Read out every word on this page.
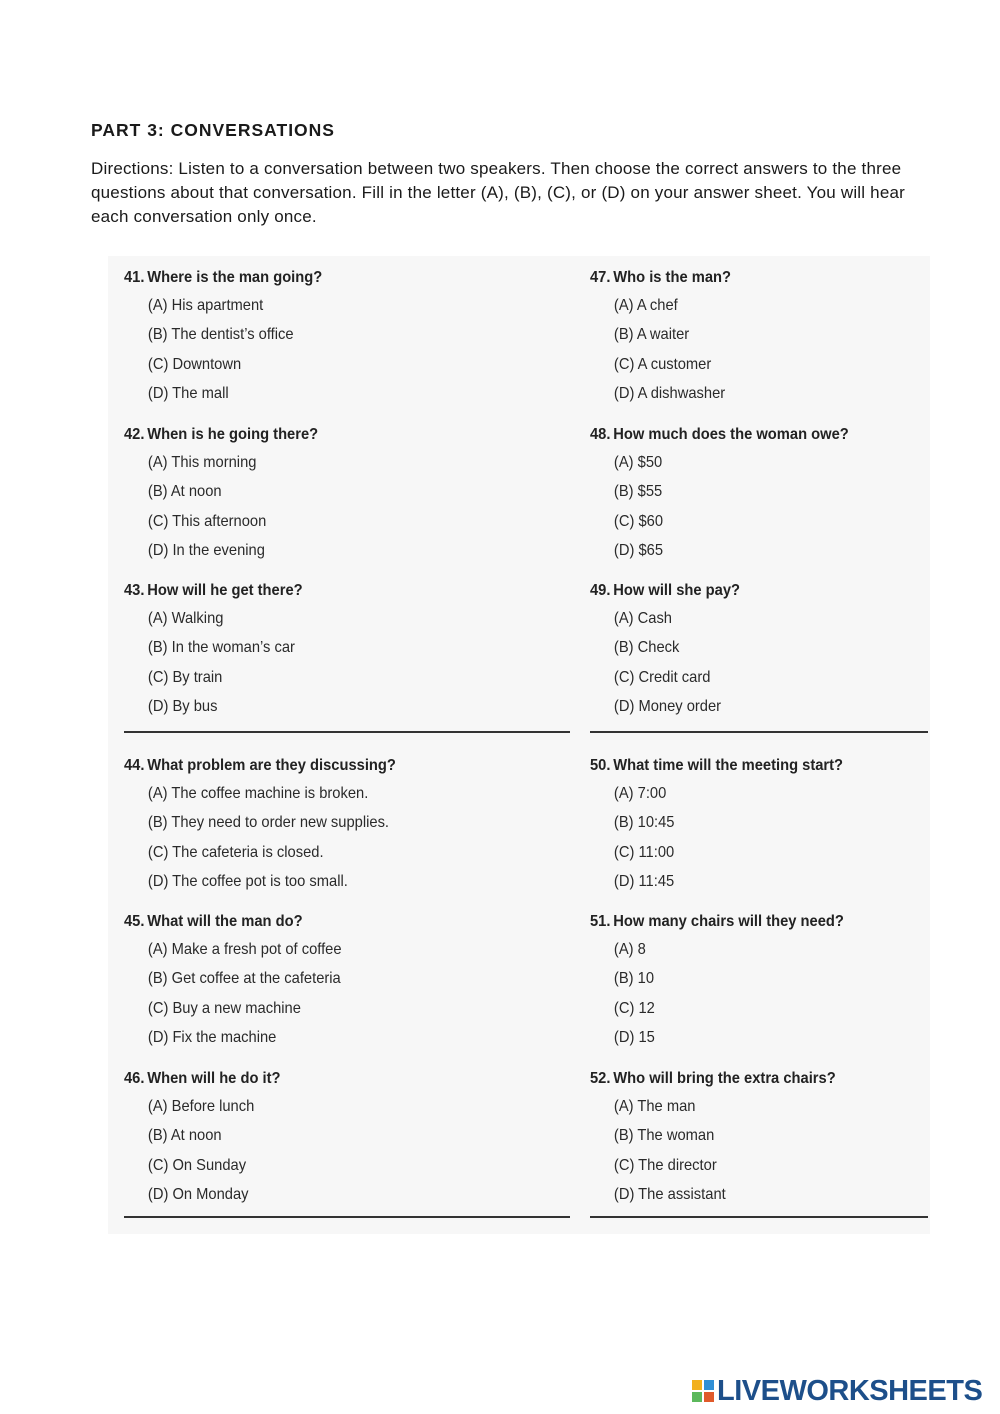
PART 3: CONVERSATIONS
Directions: Listen to a conversation between two speakers. Then choose the correct answers to the three questions about that conversation. Fill in the letter (A), (B), (C), or (D) on your answer sheet. You will hear each conversation only once.
41. Where is the man going?
(A) His apartment
(B) The dentist’s office
(C) Downtown
(D) The mall
42. When is he going there?
(A) This morning
(B) At noon
(C) This afternoon
(D) In the evening
43. How will he get there?
(A) Walking
(B) In the woman’s car
(C) By train
(D) By bus
44. What problem are they discussing?
(A) The coffee machine is broken.
(B) They need to order new supplies.
(C) The cafeteria is closed.
(D) The coffee pot is too small.
45. What will the man do?
(A) Make a fresh pot of coffee
(B) Get coffee at the cafeteria
(C) Buy a new machine
(D) Fix the machine
46. When will he do it?
(A) Before lunch
(B) At noon
(C) On Sunday
(D) On Monday
47. Who is the man?
(A) A chef
(B) A waiter
(C) A customer
(D) A dishwasher
48. How much does the woman owe?
(A) $50
(B) $55
(C) $60
(D) $65
49. How will she pay?
(A) Cash
(B) Check
(C) Credit card
(D) Money order
50. What time will the meeting start?
(A) 7:00
(B) 10:45
(C) 11:00
(D) 11:45
51. How many chairs will they need?
(A) 8
(B) 10
(C) 12
(D) 15
52. Who will bring the extra chairs?
(A) The man
(B) The woman
(C) The director
(D) The assistant
LIVEWORKSHEETS
